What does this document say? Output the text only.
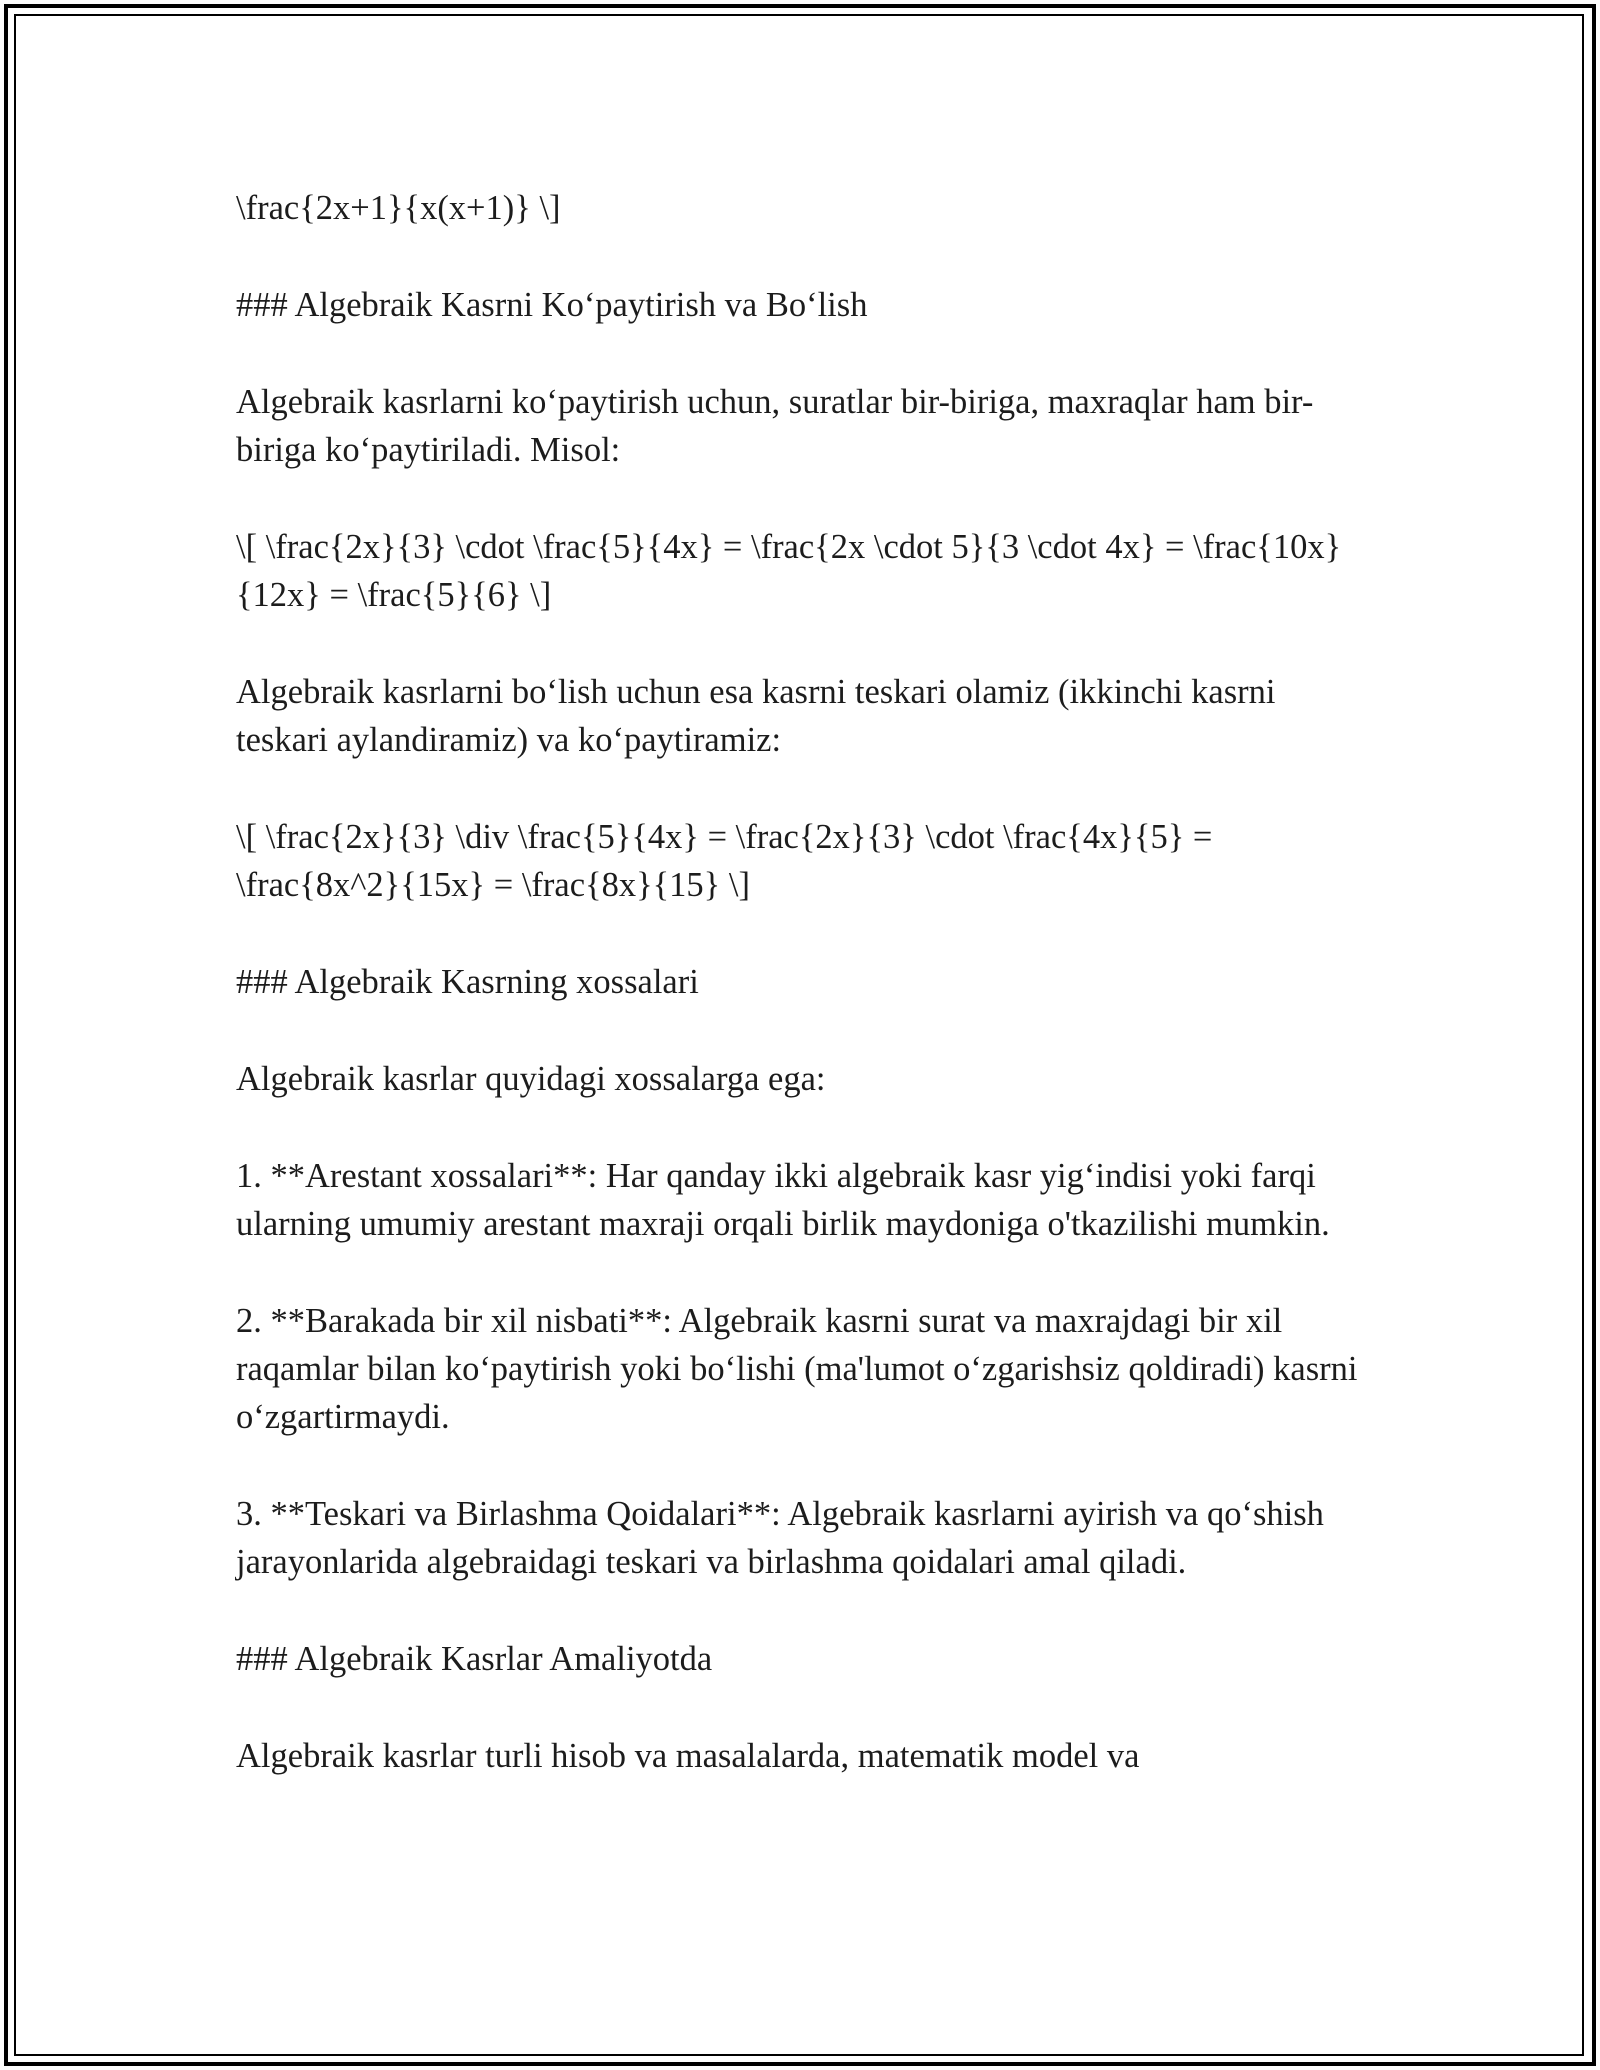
\frac{2x+1}{x(x+1)} \]

### Algebraik Kasrni Ko‘paytirish va Bo‘lish

Algebraik kasrlarni ko‘paytirish uchun, suratlar bir-biriga, maxraqlar ham bir-biriga ko‘paytiriladi. Misol:

\[ \frac{2x}{3} \cdot \frac{5}{4x} = \frac{2x \cdot 5}{3 \cdot 4x} = \frac{10x}{12x} = \frac{5}{6} \]

Algebraik kasrlarni bo‘lish uchun esa kasrni teskari olamiz (ikkinchi kasrni teskari aylandiramiz) va ko‘paytiramiz:

\[ \frac{2x}{3} \div \frac{5}{4x} = \frac{2x}{3} \cdot \frac{4x}{5} = \frac{8x^2}{15x} = \frac{8x}{15} \]

### Algebraik Kasrning xossalari

Algebraik kasrlar quyidagi xossalarga ega:

1. **Arestant xossalari**: Har qanday ikki algebraik kasr yig‘indisi yoki farqi ularning umumiy arestant maxraji orqali birlik maydoniga o'tkazilishi mumkin.

2. **Barakada bir xil nisbati**: Algebraik kasrni surat va maxrajdagi bir xil raqamlar bilan ko‘paytirish yoki bo‘lishi (ma'lumot o‘zgarishsiz qoldiradi) kasrni o‘zgartirmaydi.

3. **Teskari va Birlashma Qoidalari**: Algebraik kasrlarni ayirish va qo‘shish jarayonlarida algebraidagi teskari va birlashma qoidalari amal qiladi.

### Algebraik Kasrlar Amaliyotda

Algebraik kasrlar turli hisob va masalalarda, matematik model va
